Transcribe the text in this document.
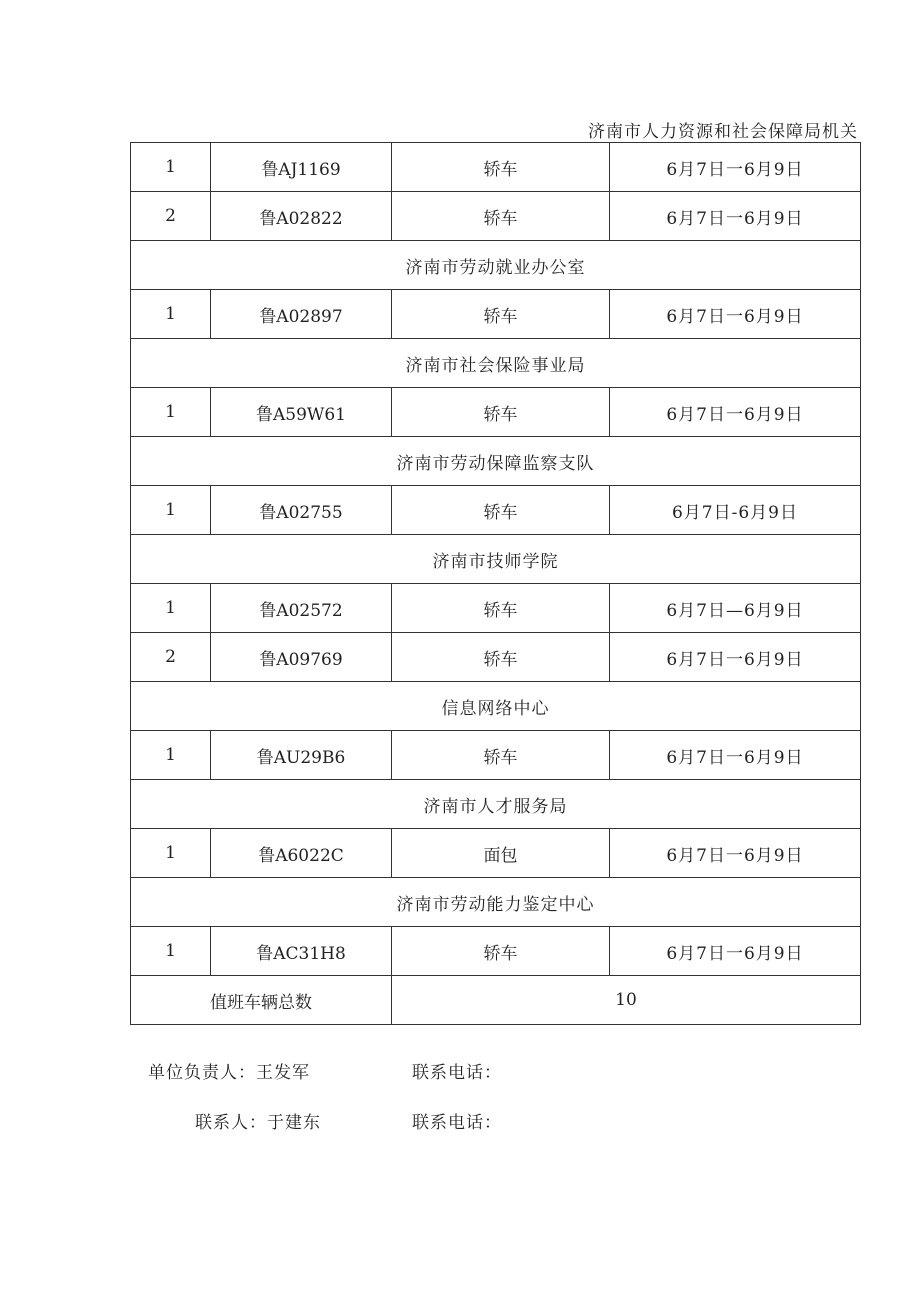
济南市人力资源和社会保障局机关
1	鲁AJ1169	轿车	6月7日一6月9日
2	鲁A02822	轿车	6月7日一6月9日
济南市劳动就业办公室			
1	鲁A02897	轿车	6月7日一6月9日
济南市社会保险事业局			
1	鲁A59W61	轿车	6月7日一6月9日
济南市劳动保障监察支队			
1	鲁A02755	轿车	6月7日-6月9日
济南市技师学院			
1	鲁A02572	轿车	6月7日—6月9日
2	鲁A09769	轿车	6月7日一6月9日
信息网络中心			
1	鲁AU29B6	轿车	6月7日一6月9日
济南市人才服务局			
1	鲁A6022C	面包	6月7日一6月9日
济南市劳动能力鉴定中心			
1	鲁AC31H8	轿车	6月7日一6月9日
值班车辆总数		10	
单位负责人：王发军	联系电话：
联系人：于建东	联系电话：
